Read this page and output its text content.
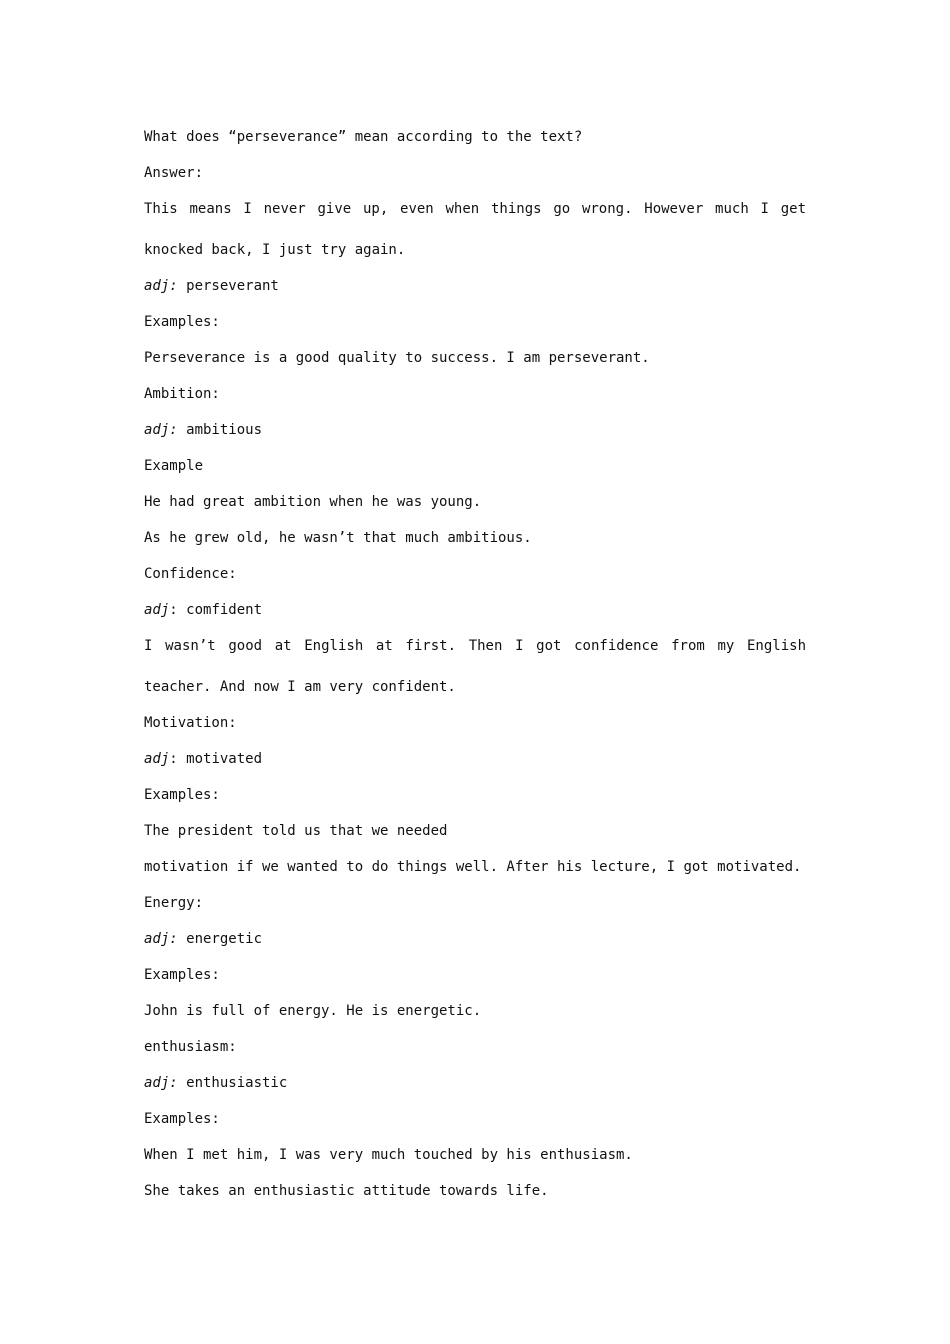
What does “perseverance” mean according to the text?
Answer:
This means I never give up, even when things go wrong. However much I get
knocked back, I just try again.
adj: perseverant
Examples:
Perseverance is a good quality to success. I am perseverant.
Ambition:
adj: ambitious
Example
He had great ambition when he was young.
As he grew old, he wasn’t that much ambitious.
Confidence:
adj: comfident
I wasn’t good at English at first. Then I got confidence from my English
teacher. And now I am very confident.
Motivation:
adj: motivated
Examples:
The president told us that we needed
motivation if we wanted to do things well. After his lecture, I got motivated.
Energy:
adj: energetic
Examples:
John is full of energy. He is energetic.
enthusiasm:
adj: enthusiastic
Examples:
When I met him, I was very much touched by his enthusiasm.
She takes an enthusiastic attitude towards life.
